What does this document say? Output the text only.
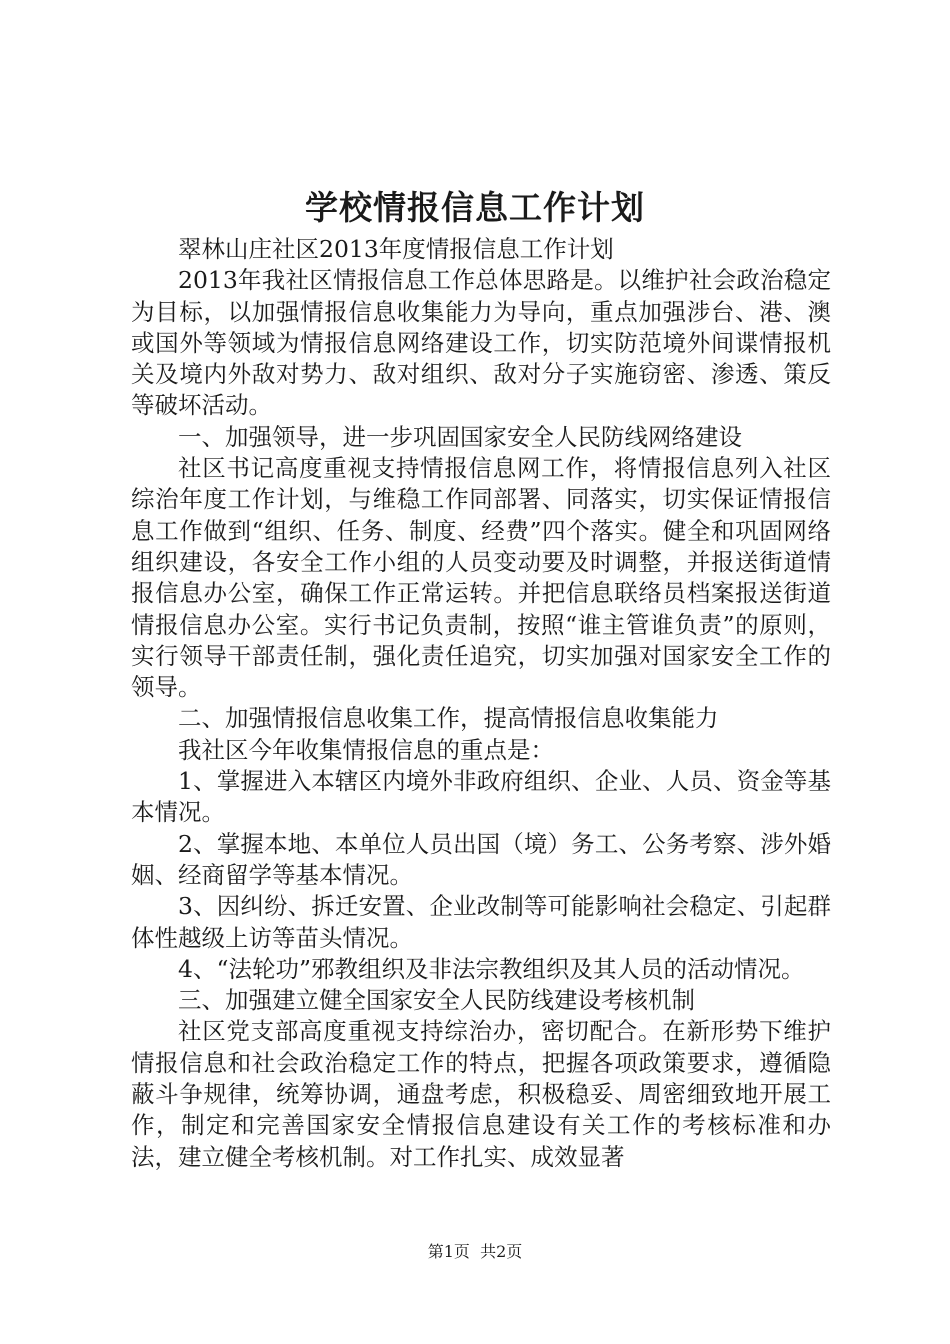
学校情报信息工作计划

翠林山庄社区2013年度情报信息工作计划

2013年我社区情报信息工作总体思路是。以维护社会政治稳定为目标，以加强情报信息收集能力为导向，重点加强涉台、港、澳或国外等领域为情报信息网络建设工作，切实防范境外间谍情报机关及境内外敌对势力、敌对组织、敌对分子实施窃密、渗透、策反等破坏活动。

一、加强领导，进一步巩固国家安全人民防线网络建设

社区书记高度重视支持情报信息网工作，将情报信息列入社区综治年度工作计划，与维稳工作同部署、同落实，切实保证情报信息工作做到“组织、任务、制度、经费”四个落实。健全和巩固网络组织建设，各安全工作小组的人员变动要及时调整，并报送街道情报信息办公室，确保工作正常运转。并把信息联络员档案报送街道情报信息办公室。实行书记负责制，按照“谁主管谁负责”的原则，实行领导干部责任制，强化责任追究，切实加强对国家安全工作的领导。

二、加强情报信息收集工作，提高情报信息收集能力

我社区今年收集情报信息的重点是：

1、掌握进入本辖区内境外非政府组织、企业、人员、资金等基本情况。

2、掌握本地、本单位人员出国（境）务工、公务考察、涉外婚姻、经商留学等基本情况。

3、因纠纷、拆迁安置、企业改制等可能影响社会稳定、引起群体性越级上访等苗头情况。

4、“法轮功”邪教组织及非法宗教组织及其人员的活动情况。

三、加强建立健全国家安全人民防线建设考核机制

社区党支部高度重视支持综治办，密切配合。在新形势下维护情报信息和社会政治稳定工作的特点，把握各项政策要求，遵循隐蔽斗争规律，统筹协调，通盘考虑，积极稳妥、周密细致地开展工作，制定和完善国家安全情报信息建设有关工作的考核标准和办法，建立健全考核机制。对工作扎实、成效显著

第1页 共2页
